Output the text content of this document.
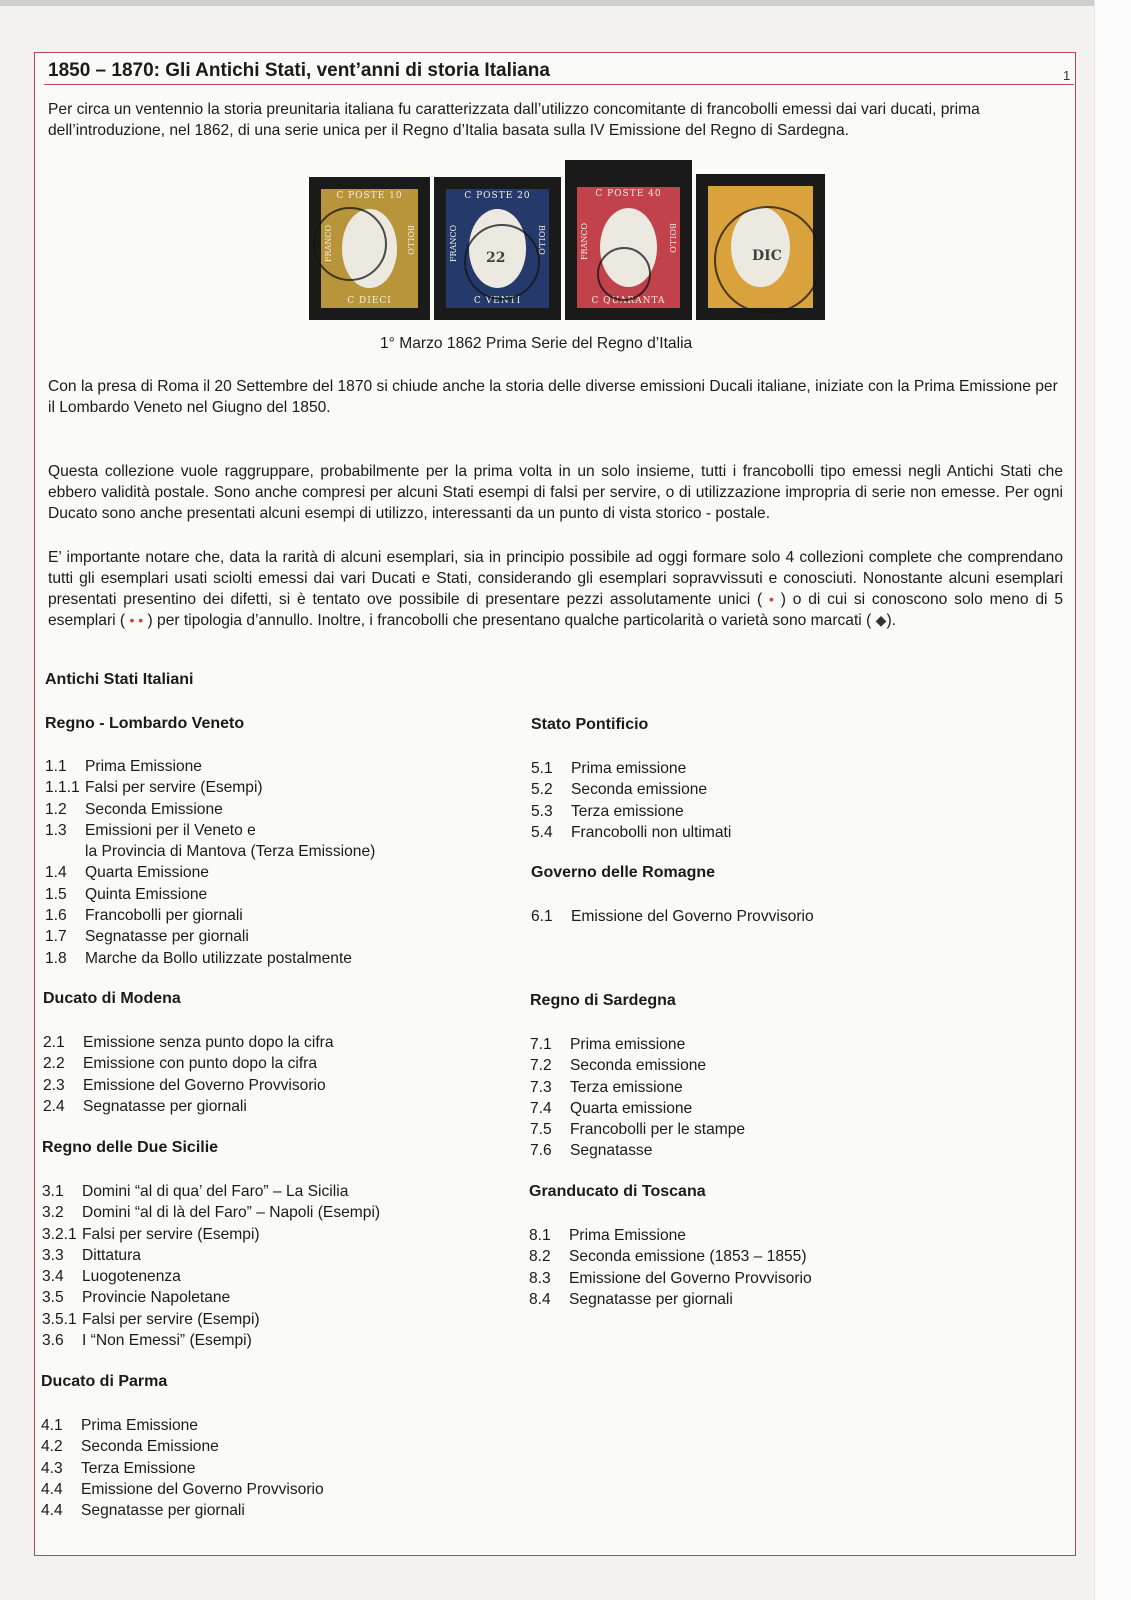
1850 – 1870: Gli Antichi Stati, vent’anni di storia Italiana	1
Per circa un ventennio la storia preunitaria italiana fu caratterizzata dall’utilizzo concomitante di francobolli emessi dai vari ducati, prima dell’introduzione, nel 1862, di una serie unica per il Regno d’Italia basata sulla IV Emissione del Regno di Sardegna.
C POSTE 10
C DIECI
FRANCO	BOLLO
C POSTE 20
C VENTI
FRANCO	BOLLO
22
C POSTE 40
C QUARANTA
FRANCO	BOLLO
DIC
1° Marzo 1862 Prima Serie del Regno d’Italia
Con la presa di Roma il 20 Settembre del 1870 si chiude anche la storia delle diverse emissioni Ducali italiane, iniziate con la Prima Emissione per il Lombardo Veneto nel Giugno del 1850.
Questa collezione vuole raggruppare, probabilmente per la prima volta in un solo insieme, tutti i francobolli tipo emessi negli Antichi Stati che ebbero validità postale. Sono anche compresi per alcuni Stati esempi di falsi per servire, o di utilizzazione impropria di serie non emesse. Per ogni Ducato sono anche presentati alcuni esempi di utilizzo, interessanti da un punto di vista storico - postale.
E’ importante notare che, data la rarità di alcuni esemplari, sia in principio possibile ad oggi formare solo 4 collezioni complete che comprendano tutti gli esemplari usati sciolti emessi dai vari Ducati e Stati, considerando gli esemplari sopravvissuti e conosciuti. Nonostante alcuni esemplari presentati presentino dei difetti, si è tentato ove possibile di presentare pezzi assolutamente unici ( • ) o di cui si conoscono solo meno di 5 esemplari ( • • ) per tipologia d’annullo. Inoltre, i francobolli che presentano qualche particolarità o varietà sono marcati ( ◆).
Antichi Stati Italiani
Regno - Lombardo Veneto
1.1 Prima Emissione
1.1.1 Falsi per servire (Esempi)
1.2 Seconda Emissione
1.3 Emissioni per il Veneto e
la Provincia di Mantova (Terza Emissione)
1.4 Quarta Emissione
1.5 Quinta Emissione
1.6 Francobolli per giornali
1.7 Segnatasse per giornali
1.8 Marche da Bollo utilizzate postalmente
Ducato di Modena
2.1 Emissione senza punto dopo la cifra
2.2 Emissione con punto dopo la cifra
2.3 Emissione del Governo Provvisorio
2.4 Segnatasse per giornali
Regno delle Due Sicilie
3.1 Domini “al di qua’ del Faro” – La Sicilia
3.2 Domini “al di là del Faro” – Napoli (Esempi)
3.2.1 Falsi per servire (Esempi)
3.3 Dittatura
3.4 Luogotenenza
3.5 Provincie Napoletane
3.5.1 Falsi per servire (Esempi)
3.6 I “Non Emessi” (Esempi)
Ducato di Parma
4.1 Prima Emissione
4.2 Seconda Emissione
4.3 Terza Emissione
4.4 Emissione del Governo Provvisorio
4.4 Segnatasse per giornali
Stato Pontificio
5.1 Prima emissione
5.2 Seconda emissione
5.3 Terza emissione
5.4 Francobolli non ultimati
Governo delle Romagne
6.1 Emissione del Governo Provvisorio
Regno di Sardegna
7.1 Prima emissione
7.2 Seconda emissione
7.3 Terza emissione
7.4 Quarta emissione
7.5 Francobolli per le stampe
7.6 Segnatasse
Granducato di Toscana
8.1 Prima Emissione
8.2 Seconda emissione (1853 – 1855)
8.3 Emissione del Governo Provvisorio
8.4 Segnatasse per giornali
